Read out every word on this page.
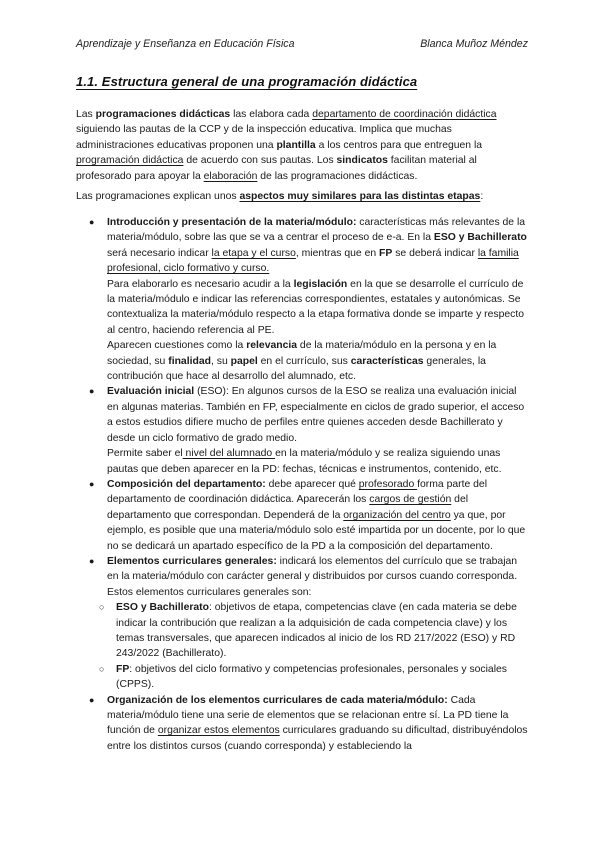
Aprendizaje y Enseñanza en Educación Física	Blanca Muñoz Méndez
1.1. Estructura general de una programación didáctica

Las programaciones didácticas las elabora cada departamento de coordinación didáctica siguiendo las pautas de la CCP y de la inspección educativa. Implica que muchas administraciones educativas proponen una plantilla a los centros para que entreguen la programación didáctica de acuerdo con sus pautas. Los sindicatos facilitan material al profesorado para apoyar la elaboración de las programaciones didácticas.

Las programaciones explican unos aspectos muy similares para las distintas etapas:

● Introducción y presentación de la materia/módulo: características más relevantes de la materia/módulo, sobre las que se va a centrar el proceso de e-a. En la ESO y Bachillerato será necesario indicar la etapa y el curso, mientras que en FP se deberá indicar la familia profesional, ciclo formativo y curso.
Para elaborarlo es necesario acudir a la legislación en la que se desarrolle el currículo de la materia/módulo e indicar las referencias correspondientes, estatales y autonómicas. Se contextualiza la materia/módulo respecto a la etapa formativa donde se imparte y respecto al centro, haciendo referencia al PE.
Aparecen cuestiones como la relevancia de la materia/módulo en la persona y en la sociedad, su finalidad, su papel en el currículo, sus características generales, la contribución que hace al desarrollo del alumnado, etc.
● Evaluación inicial (ESO): En algunos cursos de la ESO se realiza una evaluación inicial en algunas materias. También en FP, especialmente en ciclos de grado superior, el acceso a estos estudios difiere mucho de perfiles entre quienes acceden desde Bachillerato y desde un ciclo formativo de grado medio.
Permite saber el nivel del alumnado en la materia/módulo y se realiza siguiendo unas pautas que deben aparecer en la PD: fechas, técnicas e instrumentos, contenido, etc.
● Composición del departamento: debe aparecer qué profesorado forma parte del departamento de coordinación didáctica. Aparecerán los cargos de gestión del departamento que correspondan. Dependerá de la organización del centro ya que, por ejemplo, es posible que una materia/módulo solo esté impartida por un docente, por lo que no se dedicará un apartado específico de la PD a la composición del departamento.
● Elementos curriculares generales: indicará los elementos del currículo que se trabajan en la materia/módulo con carácter general y distribuidos por cursos cuando corresponda. Estos elementos curriculares generales son:
○ ESO y Bachillerato: objetivos de etapa, competencias clave (en cada materia se debe indicar la contribución que realizan a la adquisición de cada competencia clave) y los temas transversales, que aparecen indicados al inicio de los RD 217/2022 (ESO) y RD 243/2022 (Bachillerato).
○ FP: objetivos del ciclo formativo y competencias profesionales, personales y sociales (CPPS).
● Organización de los elementos curriculares de cada materia/módulo: Cada materia/módulo tiene una serie de elementos que se relacionan entre sí. La PD tiene la función de organizar estos elementos curriculares graduando su dificultad, distribuyéndolos entre los distintos cursos (cuando corresponda) y estableciendo la
